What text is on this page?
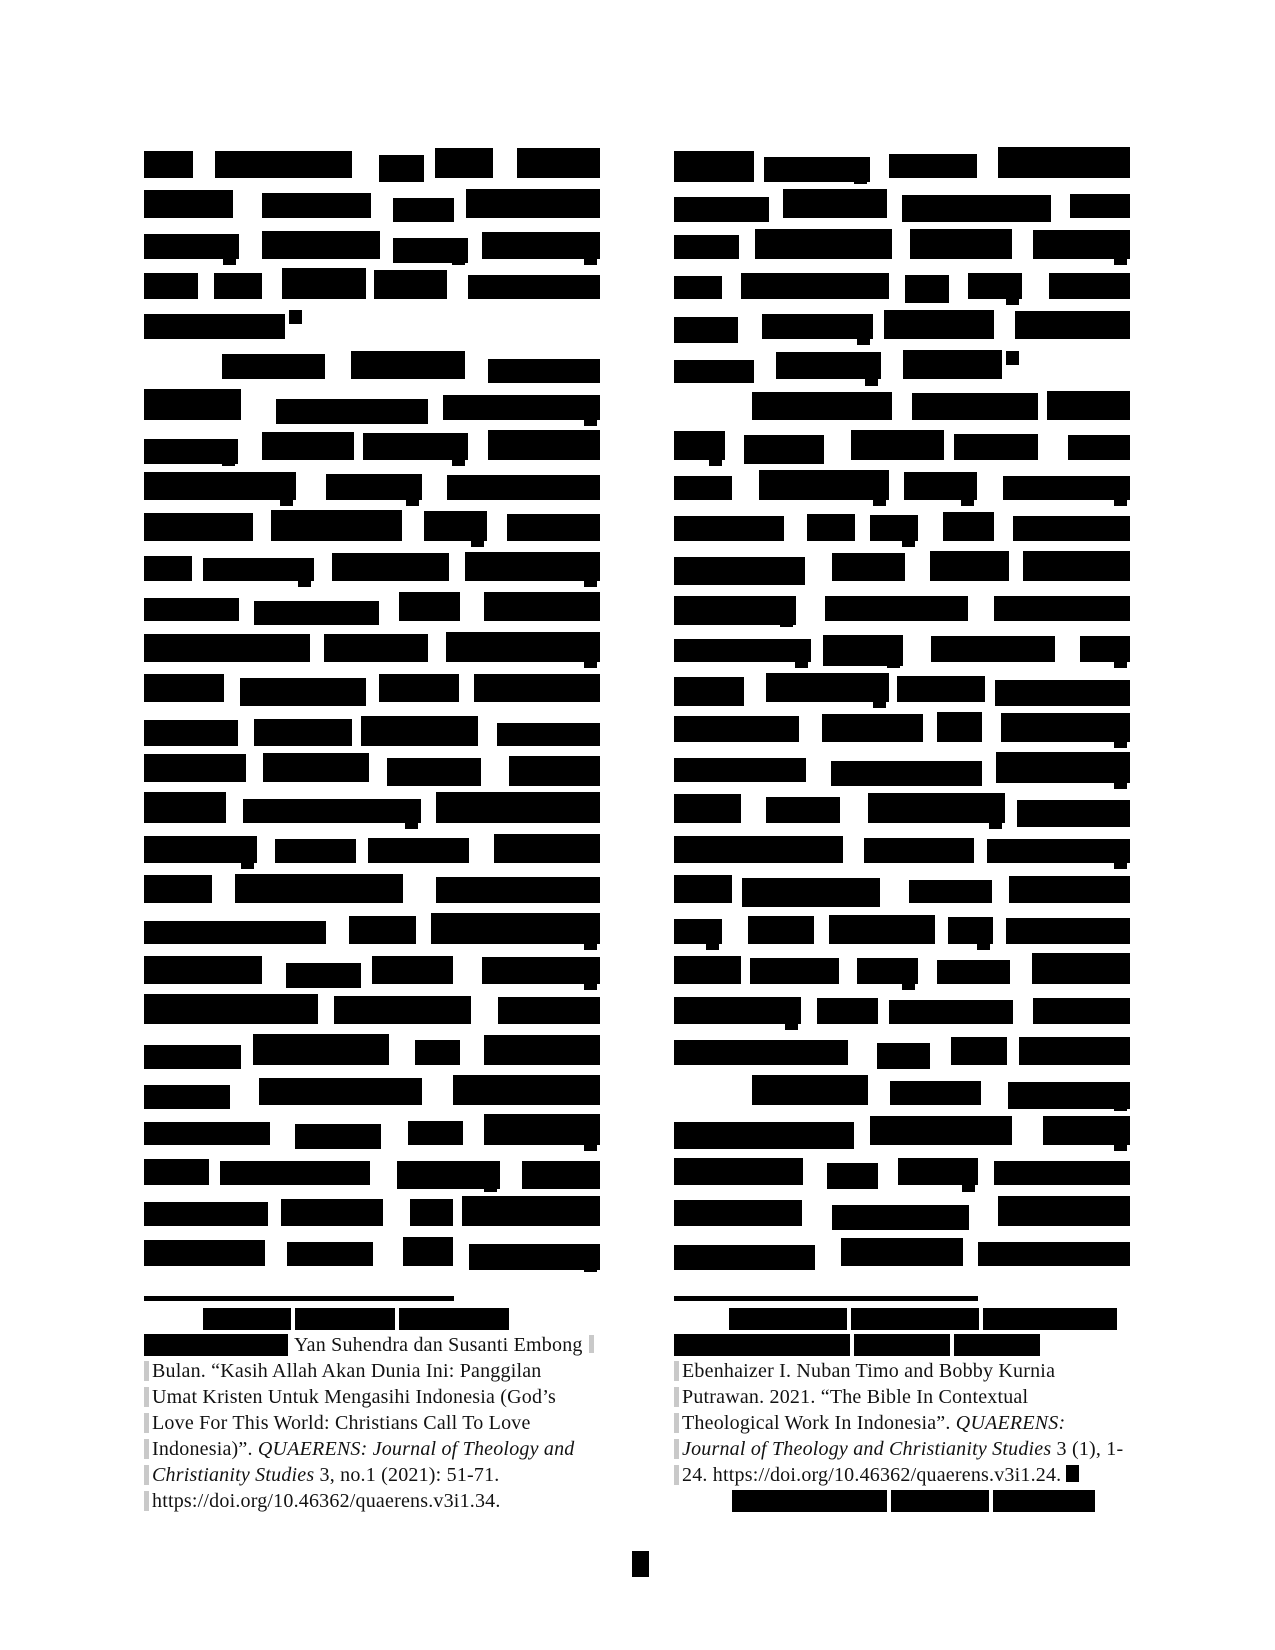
Yan Suhendra dan Susanti Embong
Bulan. “Kasih Allah Akan Dunia Ini: Panggilan
Umat Kristen Untuk Mengasihi Indonesia (God’s
Love For This World: Christians Call To Love
Indonesia)”. QUAERENS: Journal of Theology and
Christianity Studies 3, no.1 (2021): 51-71.
https://doi.org/10.46362/quaerens.v3i1.34.
Ebenhaizer I. Nuban Timo and Bobby Kurnia
Putrawan. 2021. “The Bible In Contextual
Theological Work In Indonesia”. QUAERENS:
Journal of Theology and Christianity Studies 3 (1), 1-
24. https://doi.org/10.46362/quaerens.v3i1.24.
